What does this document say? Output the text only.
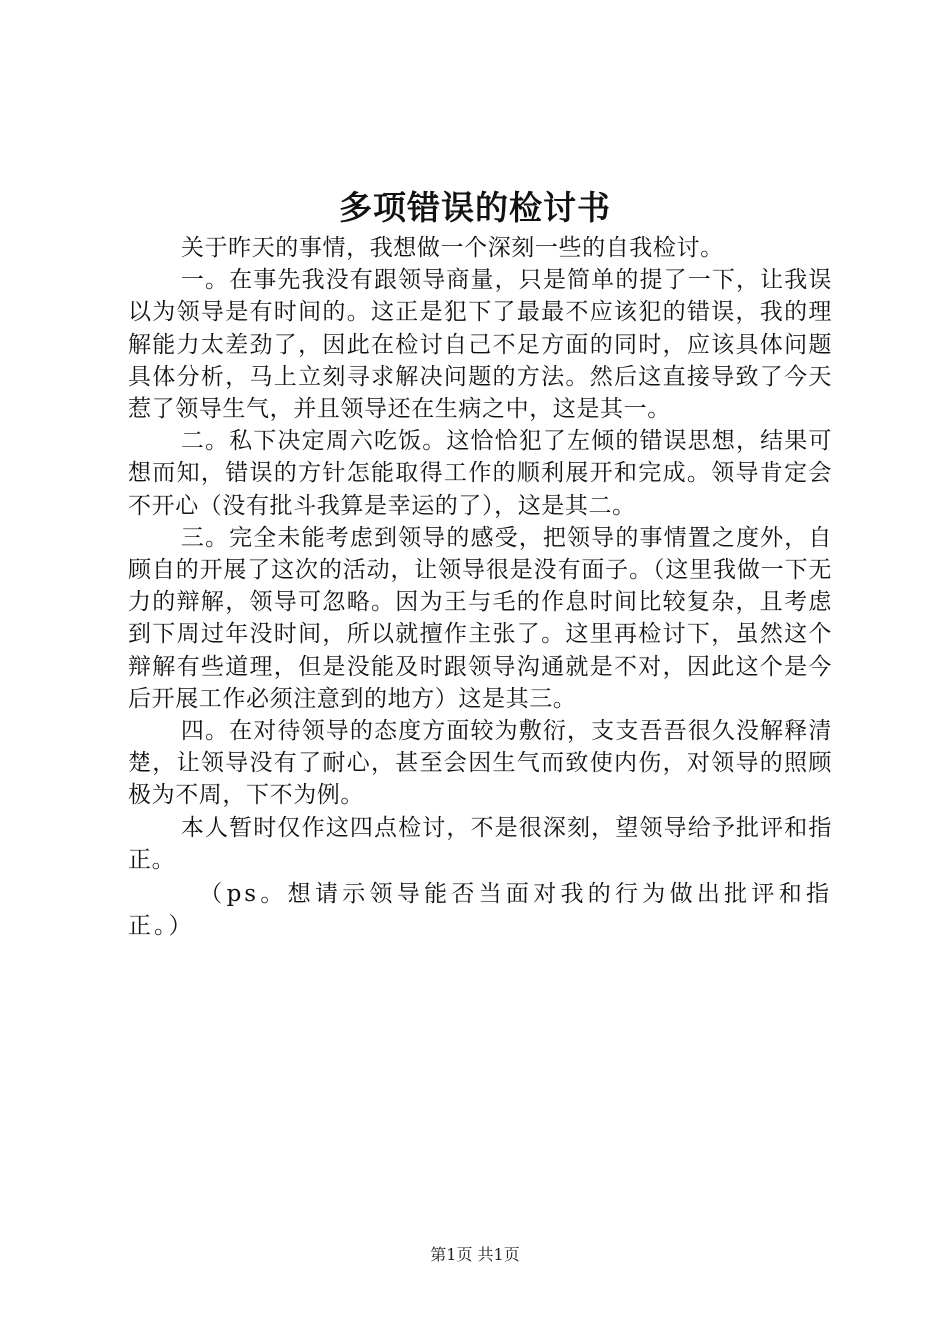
多项错误的检讨书

关于昨天的事情，我想做一个深刻一些的自我检讨。

一。在事先我没有跟领导商量，只是简单的提了一下，让我误以为领导是有时间的。这正是犯下了最最不应该犯的错误，我的理解能力太差劲了，因此在检讨自己不足方面的同时，应该具体问题具体分析，马上立刻寻求解决问题的方法。然后这直接导致了今天惹了领导生气，并且领导还在生病之中，这是其一。

二。私下决定周六吃饭。这恰恰犯了左倾的错误思想，结果可想而知，错误的方针怎能取得工作的顺利展开和完成。领导肯定会不开心（没有批斗我算是幸运的了），这是其二。

三。完全未能考虑到领导的感受，把领导的事情置之度外，自顾自的开展了这次的活动，让领导很是没有面子。（这里我做一下无力的辩解，领导可忽略。因为王与毛的作息时间比较复杂，且考虑到下周过年没时间，所以就擅作主张了。这里再检讨下，虽然这个辩解有些道理，但是没能及时跟领导沟通就是不对，因此这个是今后开展工作必须注意到的地方）这是其三。

四。在对待领导的态度方面较为敷衍，支支吾吾很久没解释清楚，让领导没有了耐心，甚至会因生气而致使内伤，对领导的照顾极为不周，下不为例。

本人暂时仅作这四点检讨，不是很深刻，望领导给予批评和指正。

（ps。想请示领导能否当面对我的行为做出批评和指正。）

第1页 共1页
